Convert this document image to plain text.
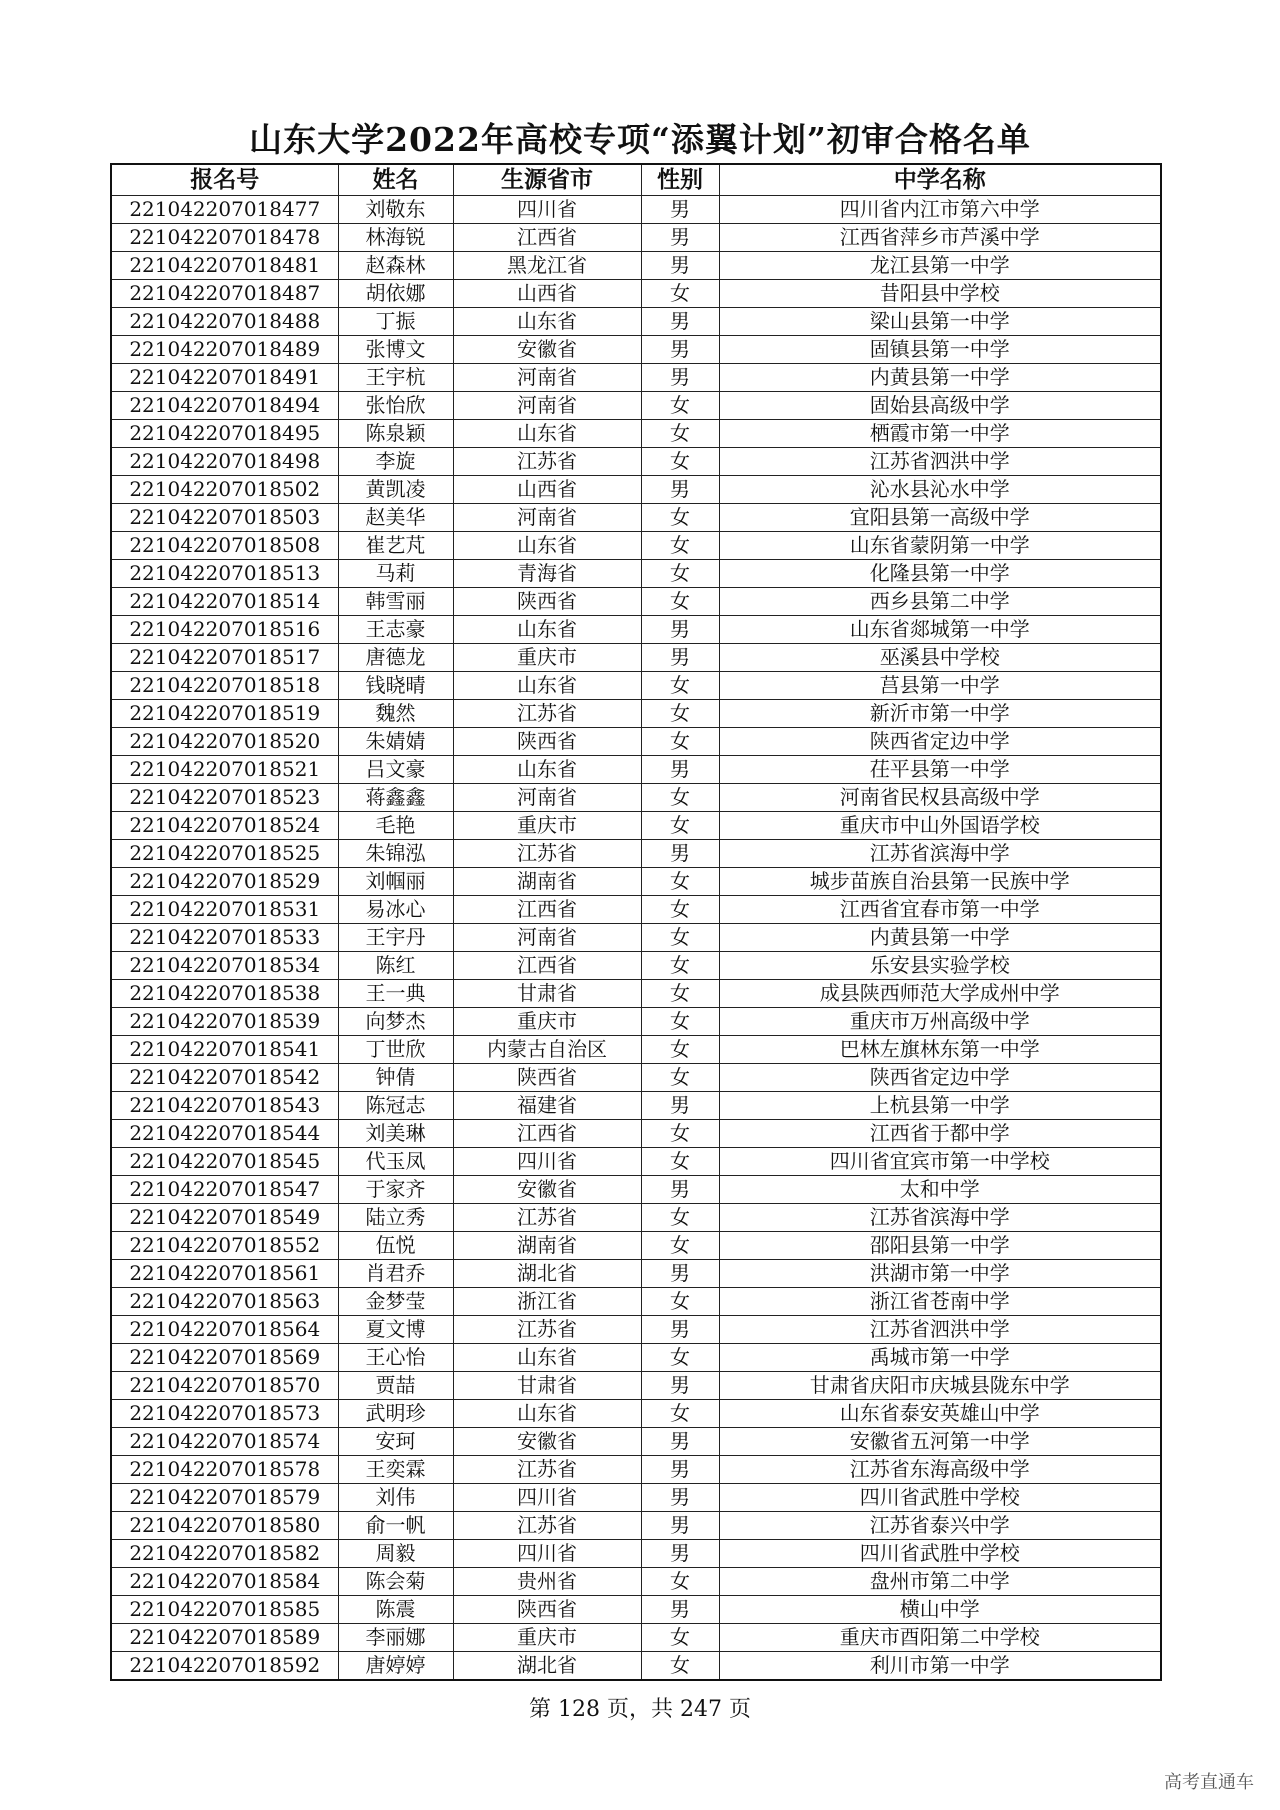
山东大学2022年高校专项“添翼计划”初审合格名单
报名号	姓名	生源省市	性别	中学名称
221042207018477	刘敬东	四川省	男	四川省内江市第六中学
221042207018478	林海锐	江西省	男	江西省萍乡市芦溪中学
221042207018481	赵森林	黑龙江省	男	龙江县第一中学
221042207018487	胡依娜	山西省	女	昔阳县中学校
221042207018488	丁振	山东省	男	梁山县第一中学
221042207018489	张博文	安徽省	男	固镇县第一中学
221042207018491	王宇杭	河南省	男	内黄县第一中学
221042207018494	张怡欣	河南省	女	固始县高级中学
221042207018495	陈泉颖	山东省	女	栖霞市第一中学
221042207018498	李旋	江苏省	女	江苏省泗洪中学
221042207018502	黄凯凌	山西省	男	沁水县沁水中学
221042207018503	赵美华	河南省	女	宜阳县第一高级中学
221042207018508	崔艺芃	山东省	女	山东省蒙阴第一中学
221042207018513	马莉	青海省	女	化隆县第一中学
221042207018514	韩雪丽	陕西省	女	西乡县第二中学
221042207018516	王志豪	山东省	男	山东省郯城第一中学
221042207018517	唐德龙	重庆市	男	巫溪县中学校
221042207018518	钱晓晴	山东省	女	莒县第一中学
221042207018519	魏然	江苏省	女	新沂市第一中学
221042207018520	朱婧婧	陕西省	女	陕西省定边中学
221042207018521	吕文豪	山东省	男	茌平县第一中学
221042207018523	蒋鑫鑫	河南省	女	河南省民权县高级中学
221042207018524	毛艳	重庆市	女	重庆市中山外国语学校
221042207018525	朱锦泓	江苏省	男	江苏省滨海中学
221042207018529	刘帼丽	湖南省	女	城步苗族自治县第一民族中学
221042207018531	易冰心	江西省	女	江西省宜春市第一中学
221042207018533	王宇丹	河南省	女	内黄县第一中学
221042207018534	陈红	江西省	女	乐安县实验学校
221042207018538	王一典	甘肃省	女	成县陕西师范大学成州中学
221042207018539	向梦杰	重庆市	女	重庆市万州高级中学
221042207018541	丁世欣	内蒙古自治区	女	巴林左旗林东第一中学
221042207018542	钟倩	陕西省	女	陕西省定边中学
221042207018543	陈冠志	福建省	男	上杭县第一中学
221042207018544	刘美琳	江西省	女	江西省于都中学
221042207018545	代玉凤	四川省	女	四川省宜宾市第一中学校
221042207018547	于家齐	安徽省	男	太和中学
221042207018549	陆立秀	江苏省	女	江苏省滨海中学
221042207018552	伍悦	湖南省	女	邵阳县第一中学
221042207018561	肖君乔	湖北省	男	洪湖市第一中学
221042207018563	金梦莹	浙江省	女	浙江省苍南中学
221042207018564	夏文博	江苏省	男	江苏省泗洪中学
221042207018569	王心怡	山东省	女	禹城市第一中学
221042207018570	贾喆	甘肃省	男	甘肃省庆阳市庆城县陇东中学
221042207018573	武明珍	山东省	女	山东省泰安英雄山中学
221042207018574	安珂	安徽省	男	安徽省五河第一中学
221042207018578	王奕霖	江苏省	男	江苏省东海高级中学
221042207018579	刘伟	四川省	男	四川省武胜中学校
221042207018580	俞一帆	江苏省	男	江苏省泰兴中学
221042207018582	周毅	四川省	男	四川省武胜中学校
221042207018584	陈会菊	贵州省	女	盘州市第二中学
221042207018585	陈震	陕西省	男	横山中学
221042207018589	李丽娜	重庆市	女	重庆市酉阳第二中学校
221042207018592	唐婷婷	湖北省	女	利川市第一中学
第 128 页，共 247 页
高考直通车
